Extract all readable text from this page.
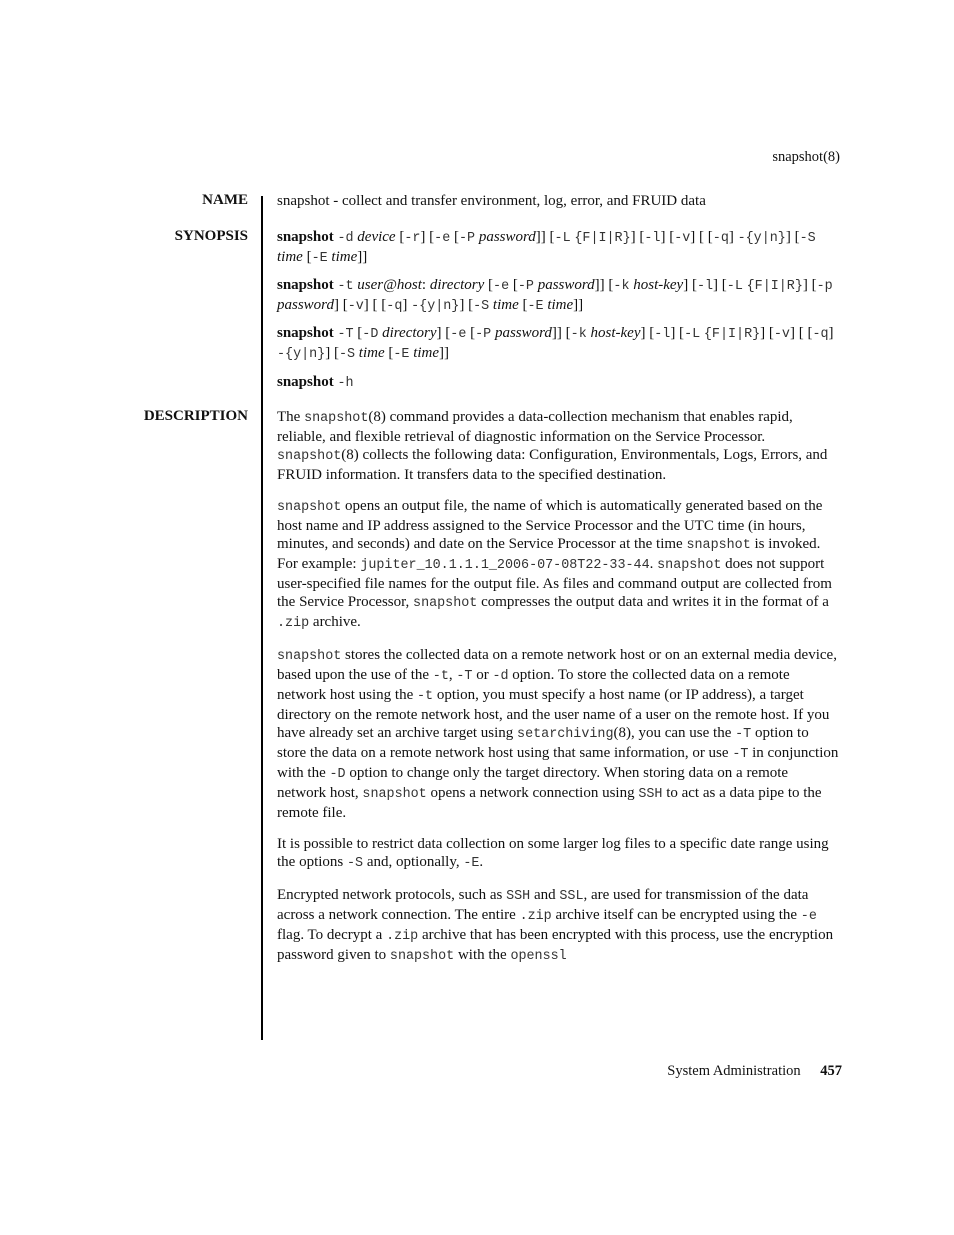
snapshot(8)
NAME
SYNOPSIS
DESCRIPTION
snapshot - collect and transfer environment, log, error, and FRUID data
snapshot -d device [-r] [-e [-P password]] [-L {F|I|R}] [-l] [-v] [ [-q] -{y|n}] [-S time [-E time]]
snapshot -t user@host: directory [-e [-P password]] [-k host-key] [-l] [-L {F|I|R}] [-p password] [-v] [ [-q] -{y|n}] [-S time [-E time]]
snapshot -T [-D directory] [-e [-P password]] [-k host-key] [-l] [-L {F|I|R}] [-v] [ [-q] -{y|n}] [-S time [-E time]]
snapshot -h

The snapshot(8) command provides a data-collection mechanism that enables rapid, reliable, and flexible retrieval of diagnostic information on the Service Processor. snapshot(8) collects the following data: Configuration, Environmentals, Logs, Errors, and FRUID information. It transfers data to the specified destination.

snapshot opens an output file, the name of which is automatically generated based on the host name and IP address assigned to the Service Processor and the UTC time (in hours, minutes, and seconds) and date on the Service Processor at the time snapshot is invoked. For example: jupiter_10.1.1.1_2006-07-08T22-33-44. snapshot does not support user-specified file names for the output file. As files and command output are collected from the Service Processor, snapshot compresses the output data and writes it in the format of a .zip archive.

snapshot stores the collected data on a remote network host or on an external media device, based upon the use of the -t, -T or -d option. To store the collected data on a remote network host using the -t option, you must specify a host name (or IP address), a target directory on the remote network host, and the user name of a user on the remote host. If you have already set an archive target using setarchiving(8), you can use the -T option to store the data on a remote network host using that same information, or use -T in conjunction with the -D option to change only the target directory. When storing data on a remote network host, snapshot opens a network connection using SSH to act as a data pipe to the remote file.

It is possible to restrict data collection on some larger log files to a specific date range using the options -S and, optionally, -E.

Encrypted network protocols, such as SSH and SSL, are used for transmission of the data across a network connection. The entire .zip archive itself can be encrypted using the -e flag. To decrypt a .zip archive that has been encrypted with this process, use the encryption password given to snapshot with the openssl

System Administration 457
